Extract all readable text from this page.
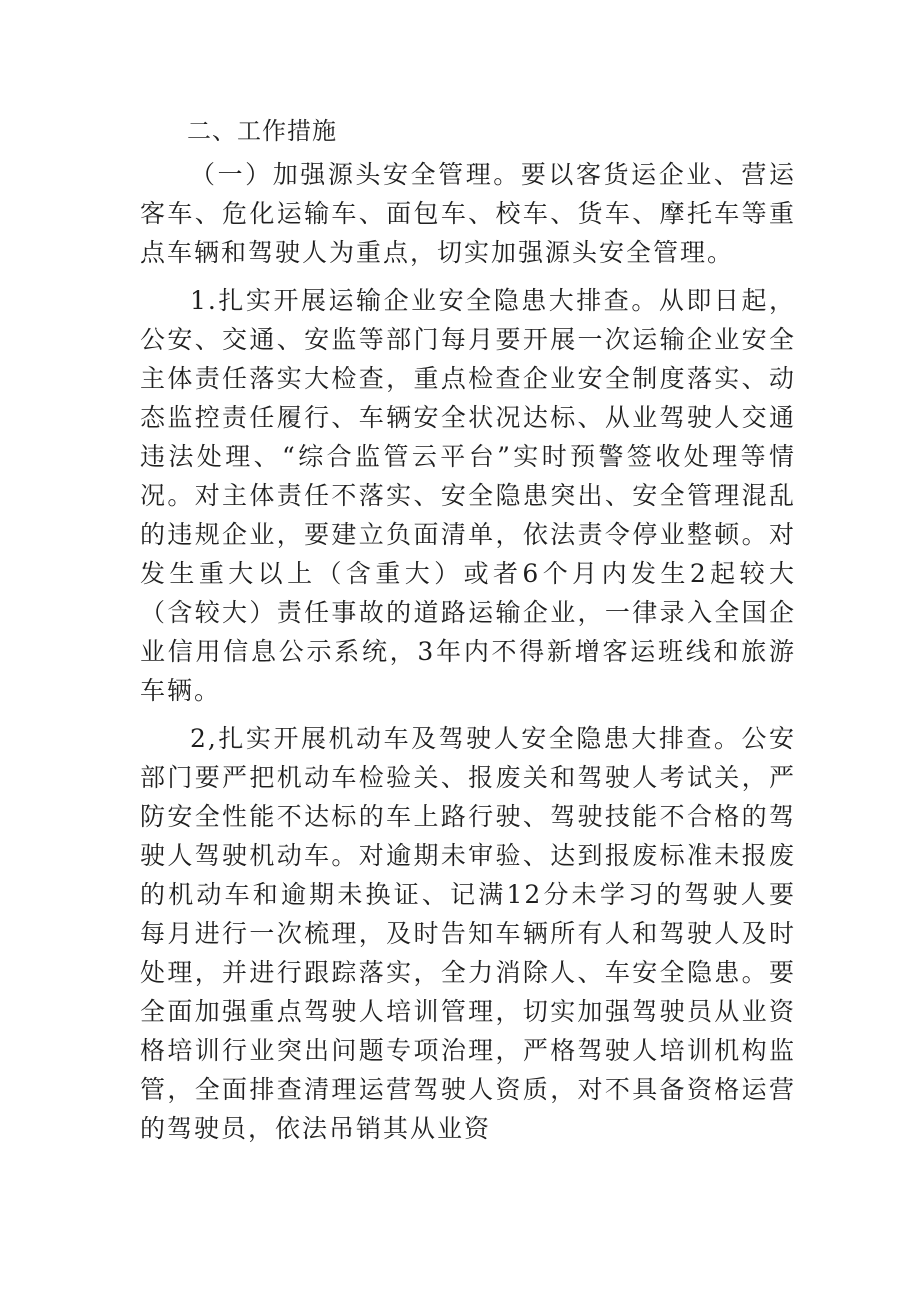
二、工作措施

（一）加强源头安全管理。要以客货运企业、营运客车、危化运输车、面包车、校车、货车、摩托车等重点车辆和驾驶人为重点，切实加强源头安全管理。

1.扎实开展运输企业安全隐患大排查。从即日起，公安、交通、安监等部门每月要开展一次运输企业安全主体责任落实大检查，重点检查企业安全制度落实、动态监控责任履行、车辆安全状况达标、从业驾驶人交通违法处理、“综合监管云平台”实时预警签收处理等情况。对主体责任不落实、安全隐患突出、安全管理混乱的违规企业，要建立负面清单，依法责令停业整顿。对发生重大以上（含重大）或者6个月内发生2起较大（含较大）责任事故的道路运输企业，一律录入全国企业信用信息公示系统，3年内不得新增客运班线和旅游车辆。

2,扎实开展机动车及驾驶人安全隐患大排查。公安部门要严把机动车检验关、报废关和驾驶人考试关，严防安全性能不达标的车上路行驶、驾驶技能不合格的驾驶人驾驶机动车。对逾期未审验、达到报废标准未报废的机动车和逾期未换证、记满12分未学习的驾驶人要每月进行一次梳理，及时告知车辆所有人和驾驶人及时处理，并进行跟踪落实，全力消除人、车安全隐患。要全面加强重点驾驶人培训管理，切实加强驾驶员从业资格培训行业突出问题专项治理，严格驾驶人培训机构监管，全面排查清理运营驾驶人资质，对不具备资格运营的驾驶员，依法吊销其从业资
